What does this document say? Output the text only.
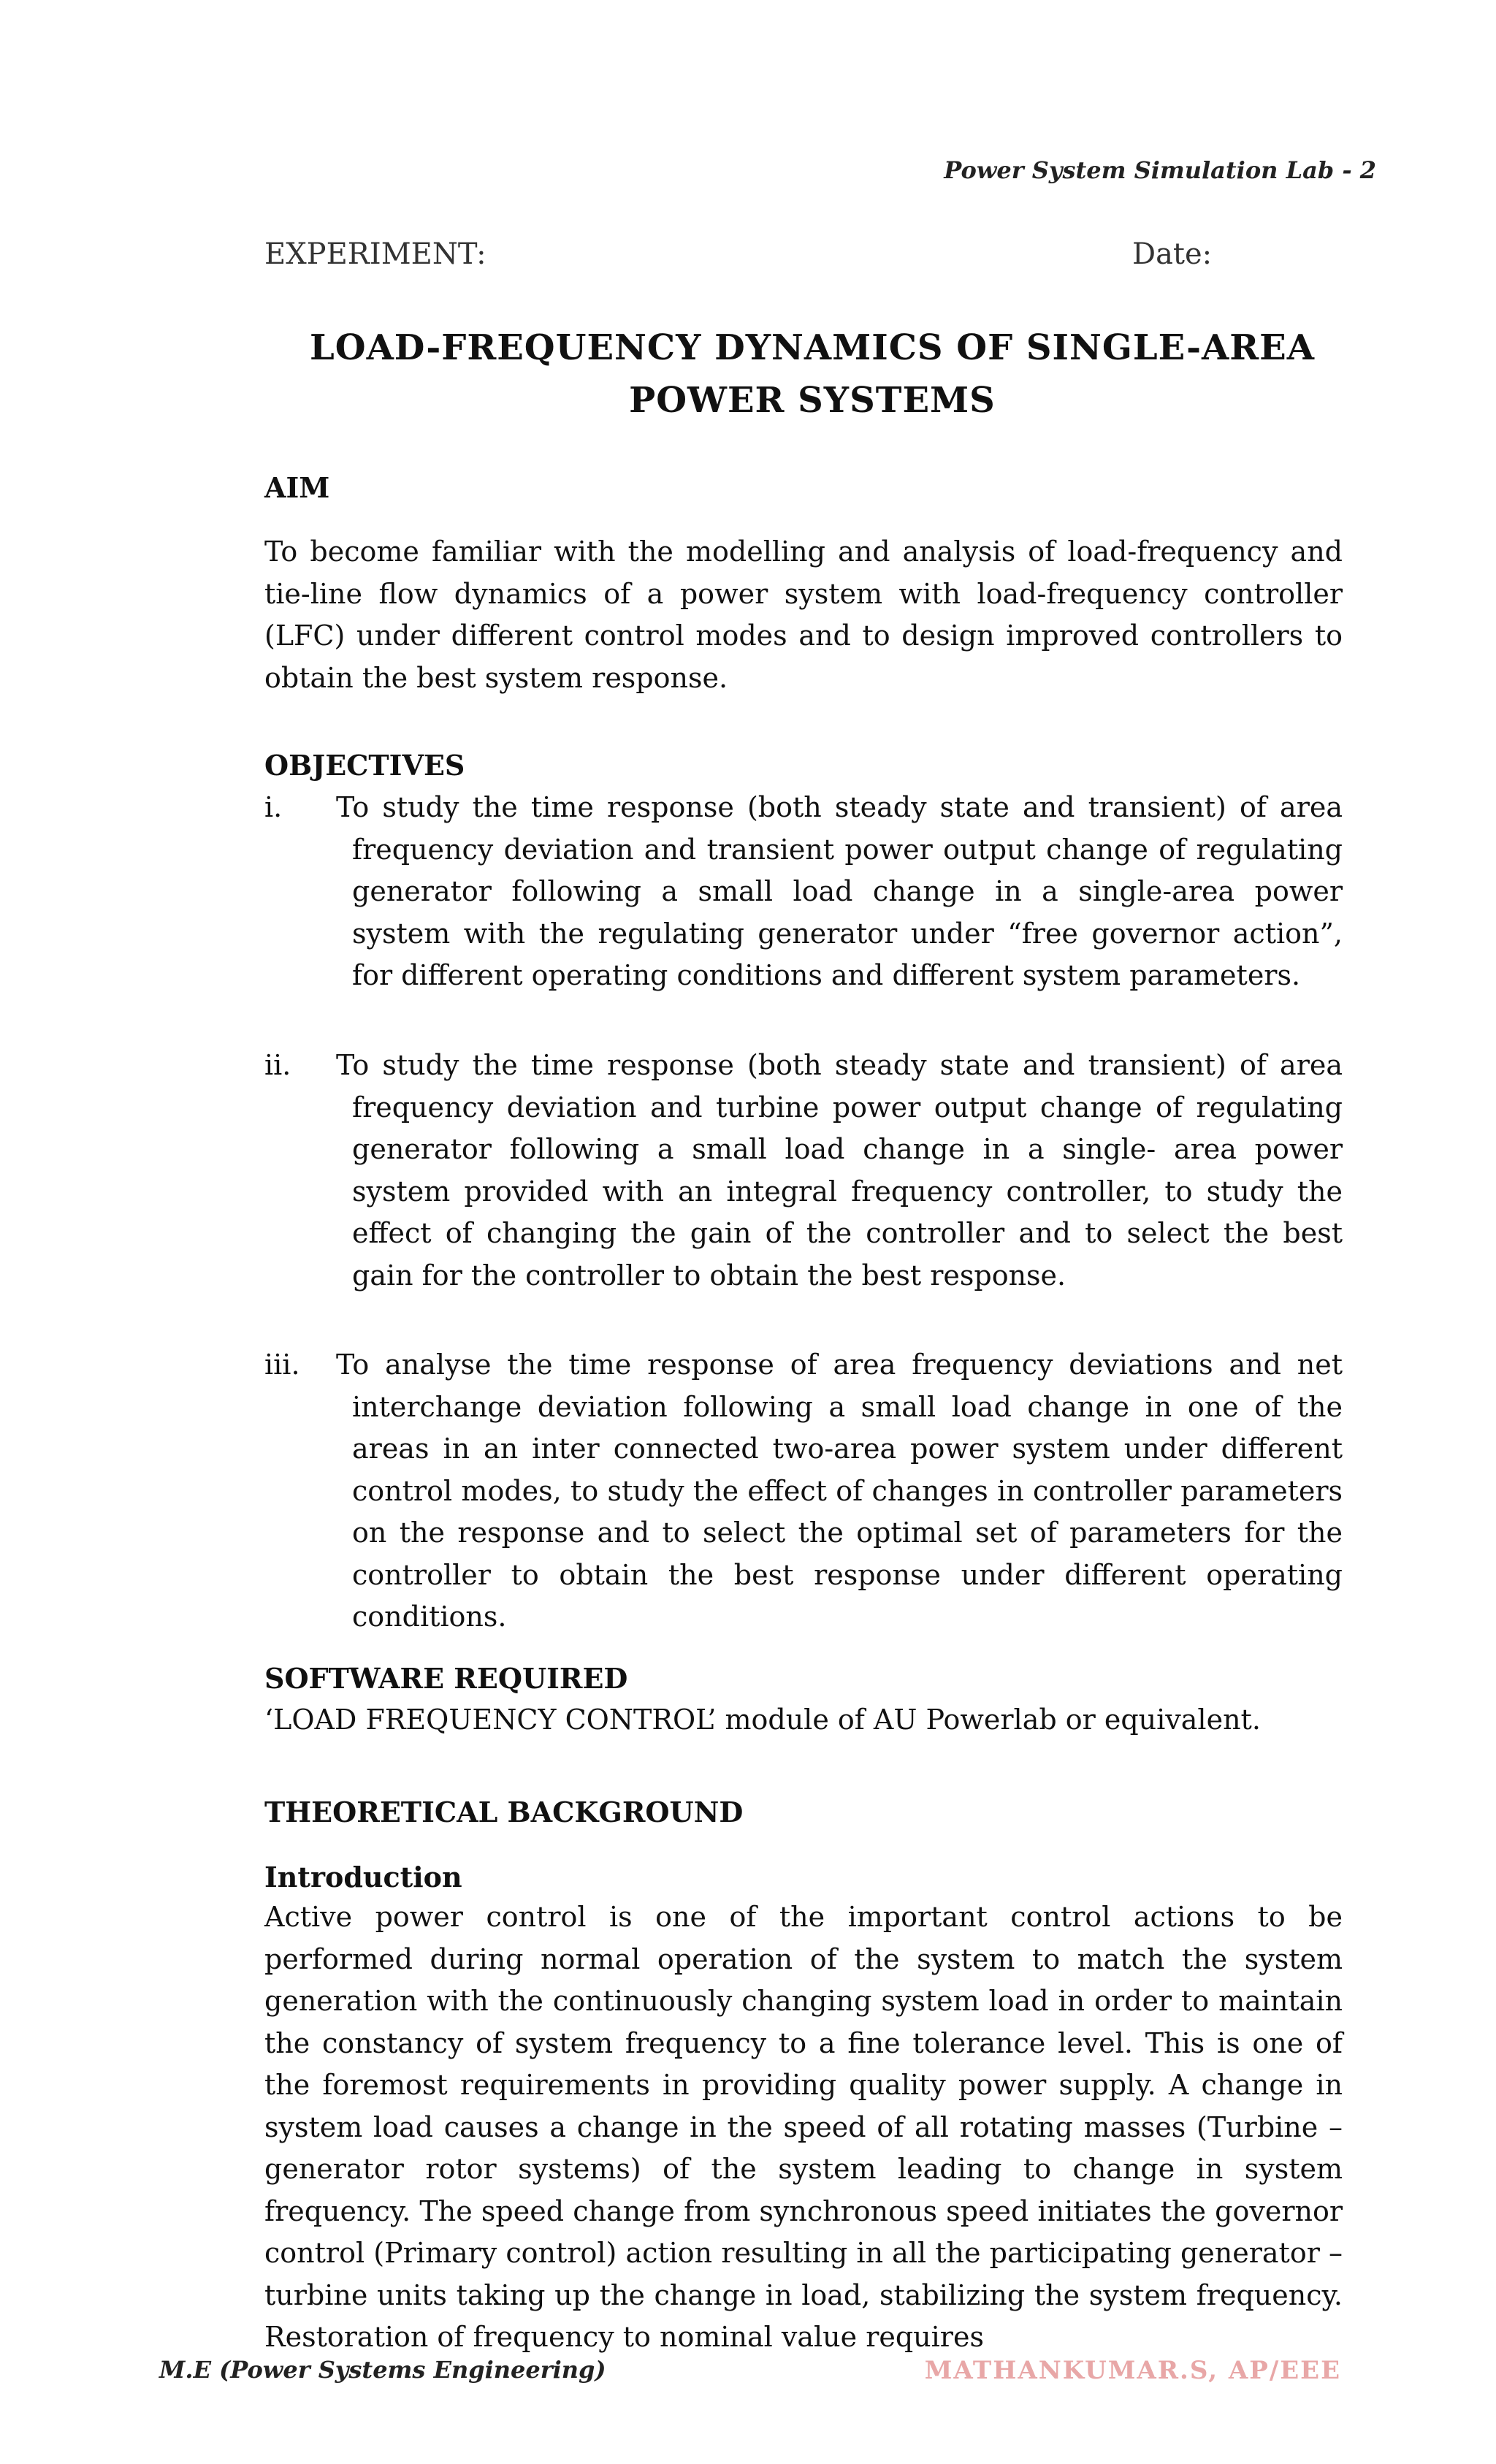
Power System Simulation Lab - 2
EXPERIMENT:	Date:
LOAD-FREQUENCY DYNAMICS OF SINGLE-AREA
POWER SYSTEMS
AIM
To become familiar with the modelling and analysis of load-frequency and tie-line flow dynamics of a power system with load-frequency controller (LFC) under different control modes and to design improved controllers to obtain the best system response.
OBJECTIVES
i. To study the time response (both steady state and transient) of area frequency deviation and transient power output change of regulating generator following a small load change in a single-area power system with the regulating generator under “free governor action”, for different operating conditions and different system parameters.
ii. To study the time response (both steady state and transient) of area frequency deviation and turbine power output change of regulating generator following a small load change in a single- area power system provided with an integral frequency controller, to study the effect of changing the gain of the controller and to select the best gain for the controller to obtain the best response.
iii. To analyse the time response of area frequency deviations and net interchange deviation following a small load change in one of the areas in an inter connected two-area power system under different control modes, to study the effect of changes in controller parameters on the response and to select the optimal set of parameters for the controller to obtain the best response under different operating conditions.
SOFTWARE REQUIRED
‘LOAD FREQUENCY CONTROL’ module of AU Powerlab or equivalent.
THEORETICAL BACKGROUND
Introduction
Active power control is one of the important control actions to be performed during normal operation of the system to match the system generation with the continuously changing system load in order to maintain the constancy of system frequency to a fine tolerance level. This is one of the foremost requirements in providing quality power supply. A change in system load causes a change in the speed of all rotating masses (Turbine – generator rotor systems) of the system leading to change in system frequency. The speed change from synchronous speed initiates the governor control (Primary control) action resulting in all the participating generator – turbine units taking up the change in load, stabilizing the system frequency. Restoration of frequency to nominal value requires
M.E (Power Systems Engineering)	MATHANKUMAR.S, AP/EEE
